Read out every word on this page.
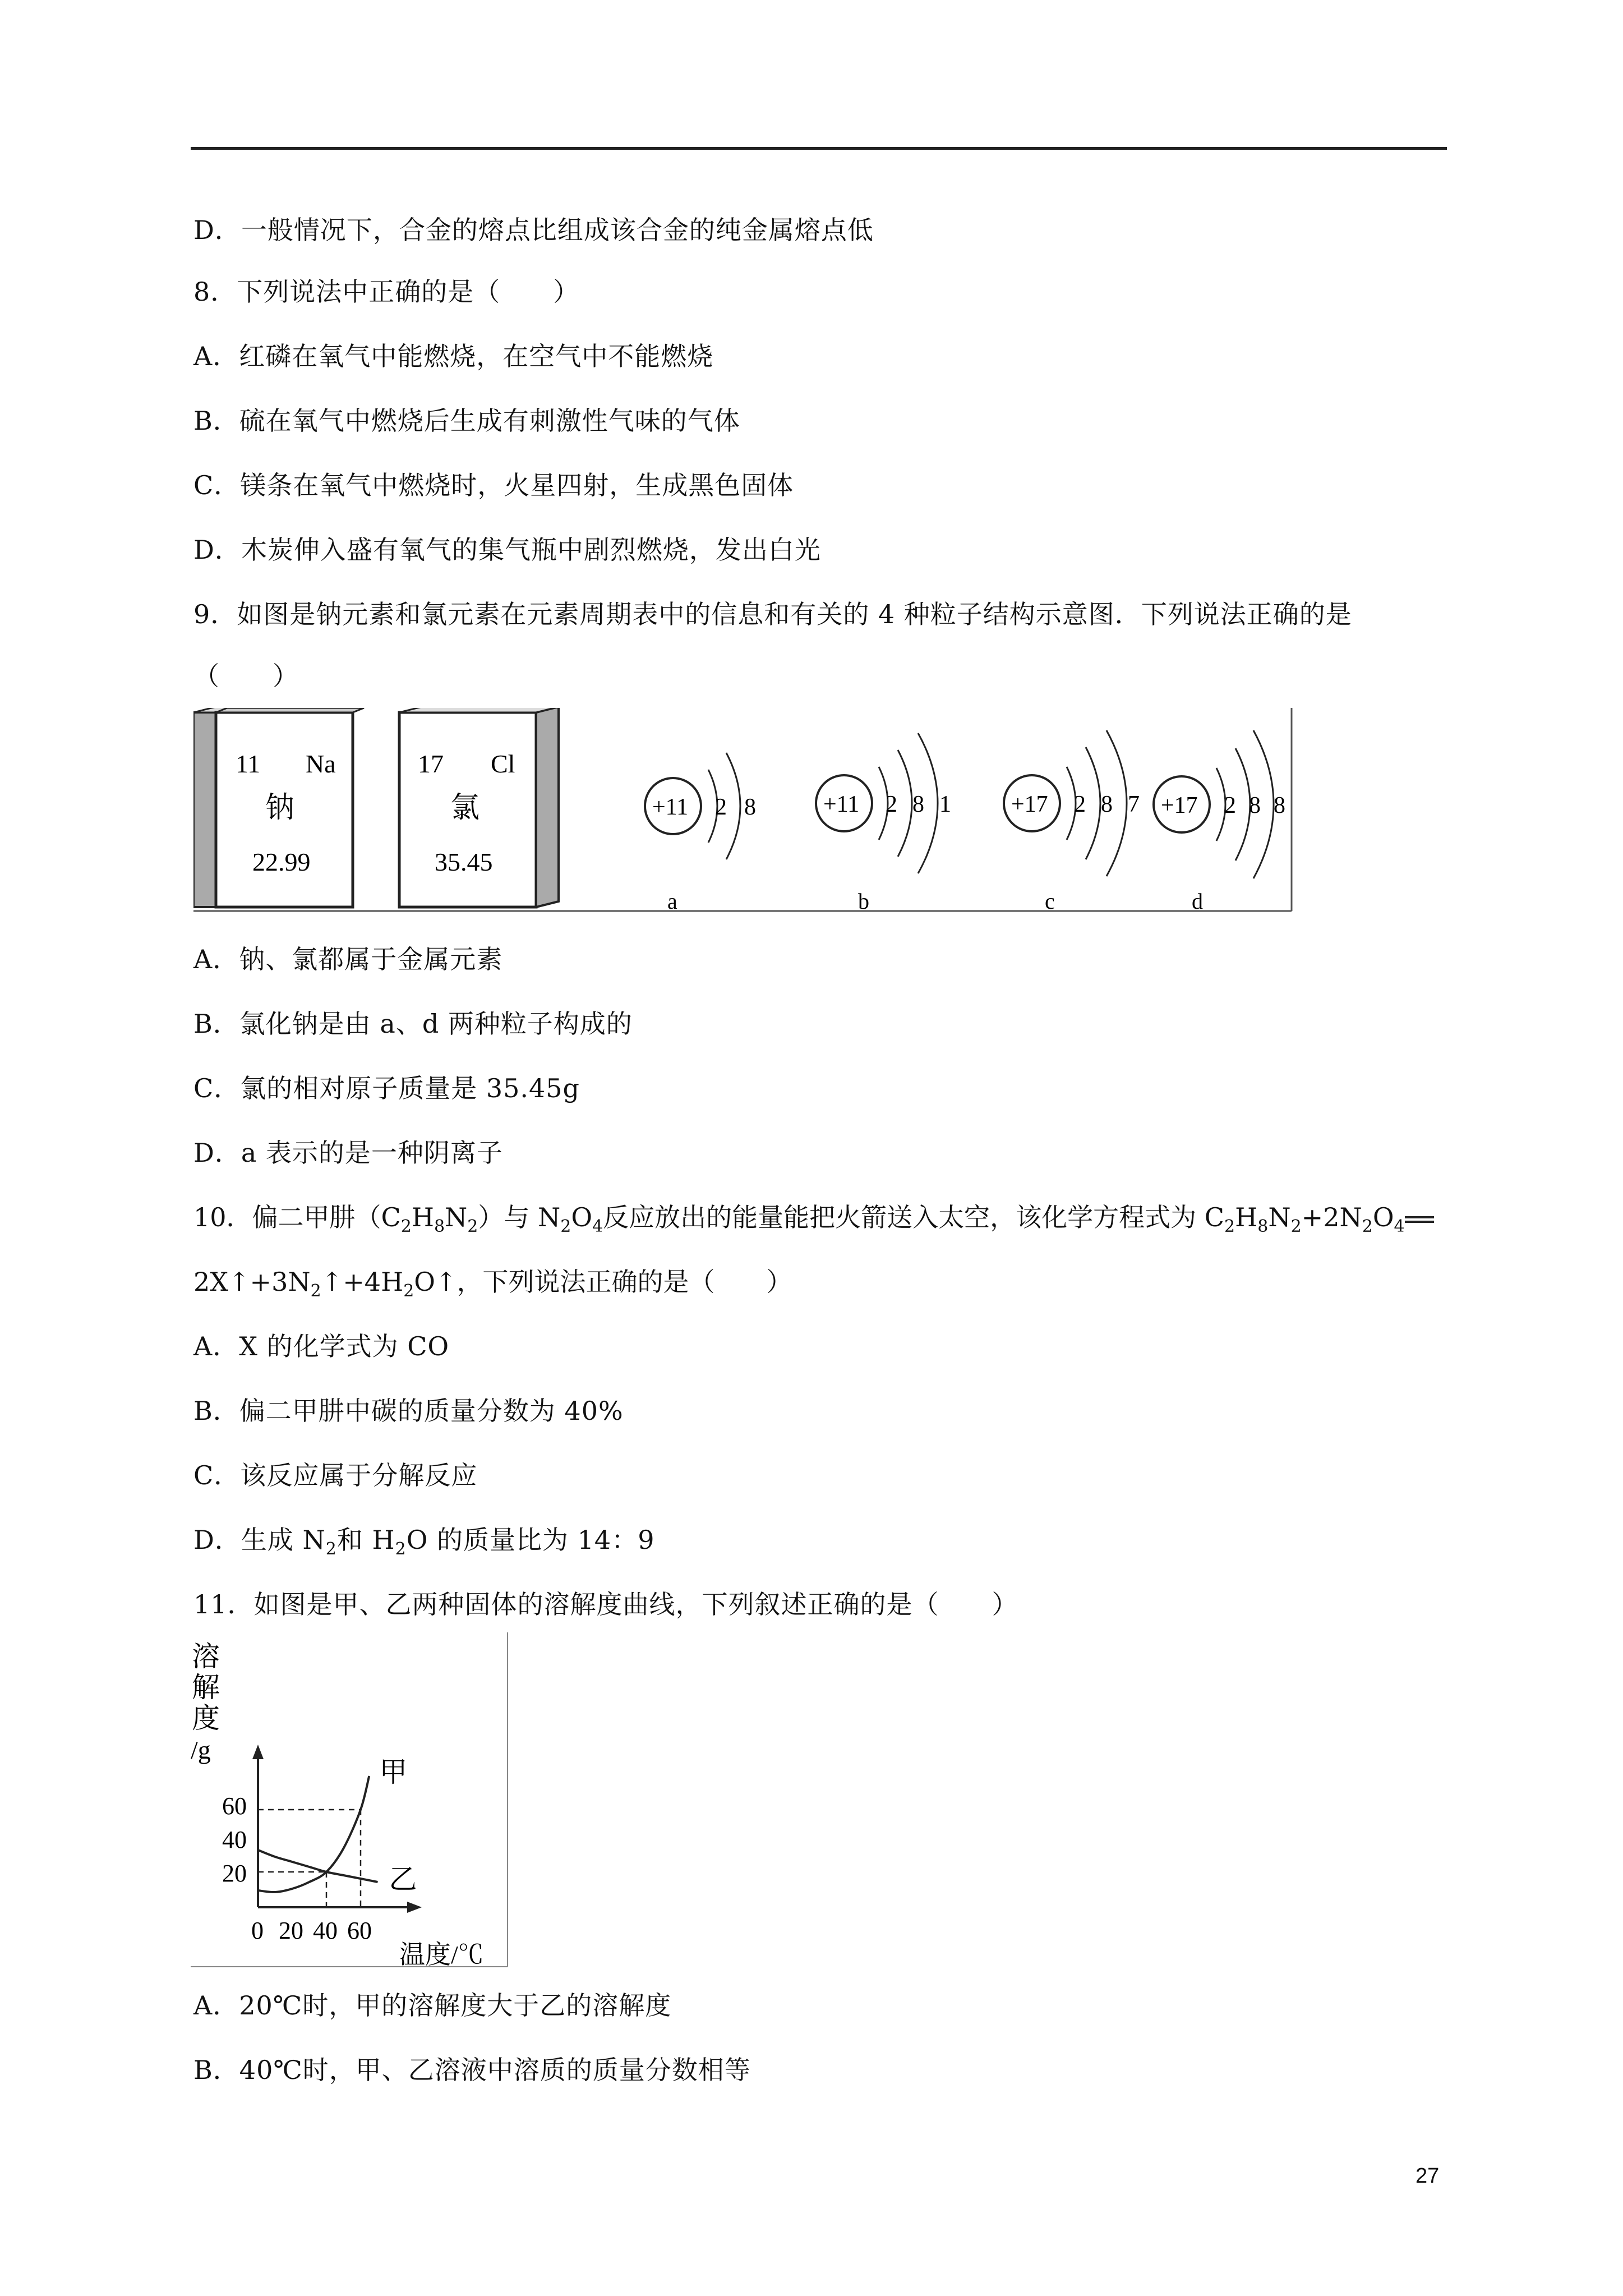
D．一般情况下，合金的熔点比组成该合金的纯金属熔点低
8．下列说法中正确的是（　　）
A．红磷在氧气中能燃烧，在空气中不能燃烧
B．硫在氧气中燃烧后生成有刺激性气味的气体
C．镁条在氧气中燃烧时，火星四射，生成黑色固体
D．木炭伸入盛有氧气的集气瓶中剧烈燃烧，发出白光
9．如图是钠元素和氯元素在元素周期表中的信息和有关的 4 种粒子结构示意图．下列说法正确的是
（　　）
11 Na
钠
22.99
17 Cl
氯
35.45
+11 2 8
a
+11 2 8 1
b
+17 2 8 7
c
+17 2 8 8
d
A．钠、氯都属于金属元素
B．氯化钠是由 a、d 两种粒子构成的
C．氯的相对原子质量是 35.45g
D．a 表示的是一种阴离子
10．偏二甲肼$(C_2H_8N_2)$与 $N_2O_4$反应放出的能量能把火箭送入太空，该化学方程式为 $C_2H_8N_2+2N_2O_4$
$2X↑+3N_2↑+4H_2O↑$，下列说法正确的是（　　）
A．X 的化学式为 CO
B．偏二甲肼中碳的质量分数为 40%
C．该反应属于分解反应
D．生成 $N_2$和 $H_2O$ 的质量比为 14：9
11．如图是甲、乙两种固体的溶解度曲线，下列叙述正确的是（　　）
溶
解
度
/g
温度/℃
0 20 40 60
20
40
60
甲
乙
A．20℃时，甲的溶解度大于乙的溶解度
B．40℃时，甲、乙溶液中溶质的质量分数相等
27
